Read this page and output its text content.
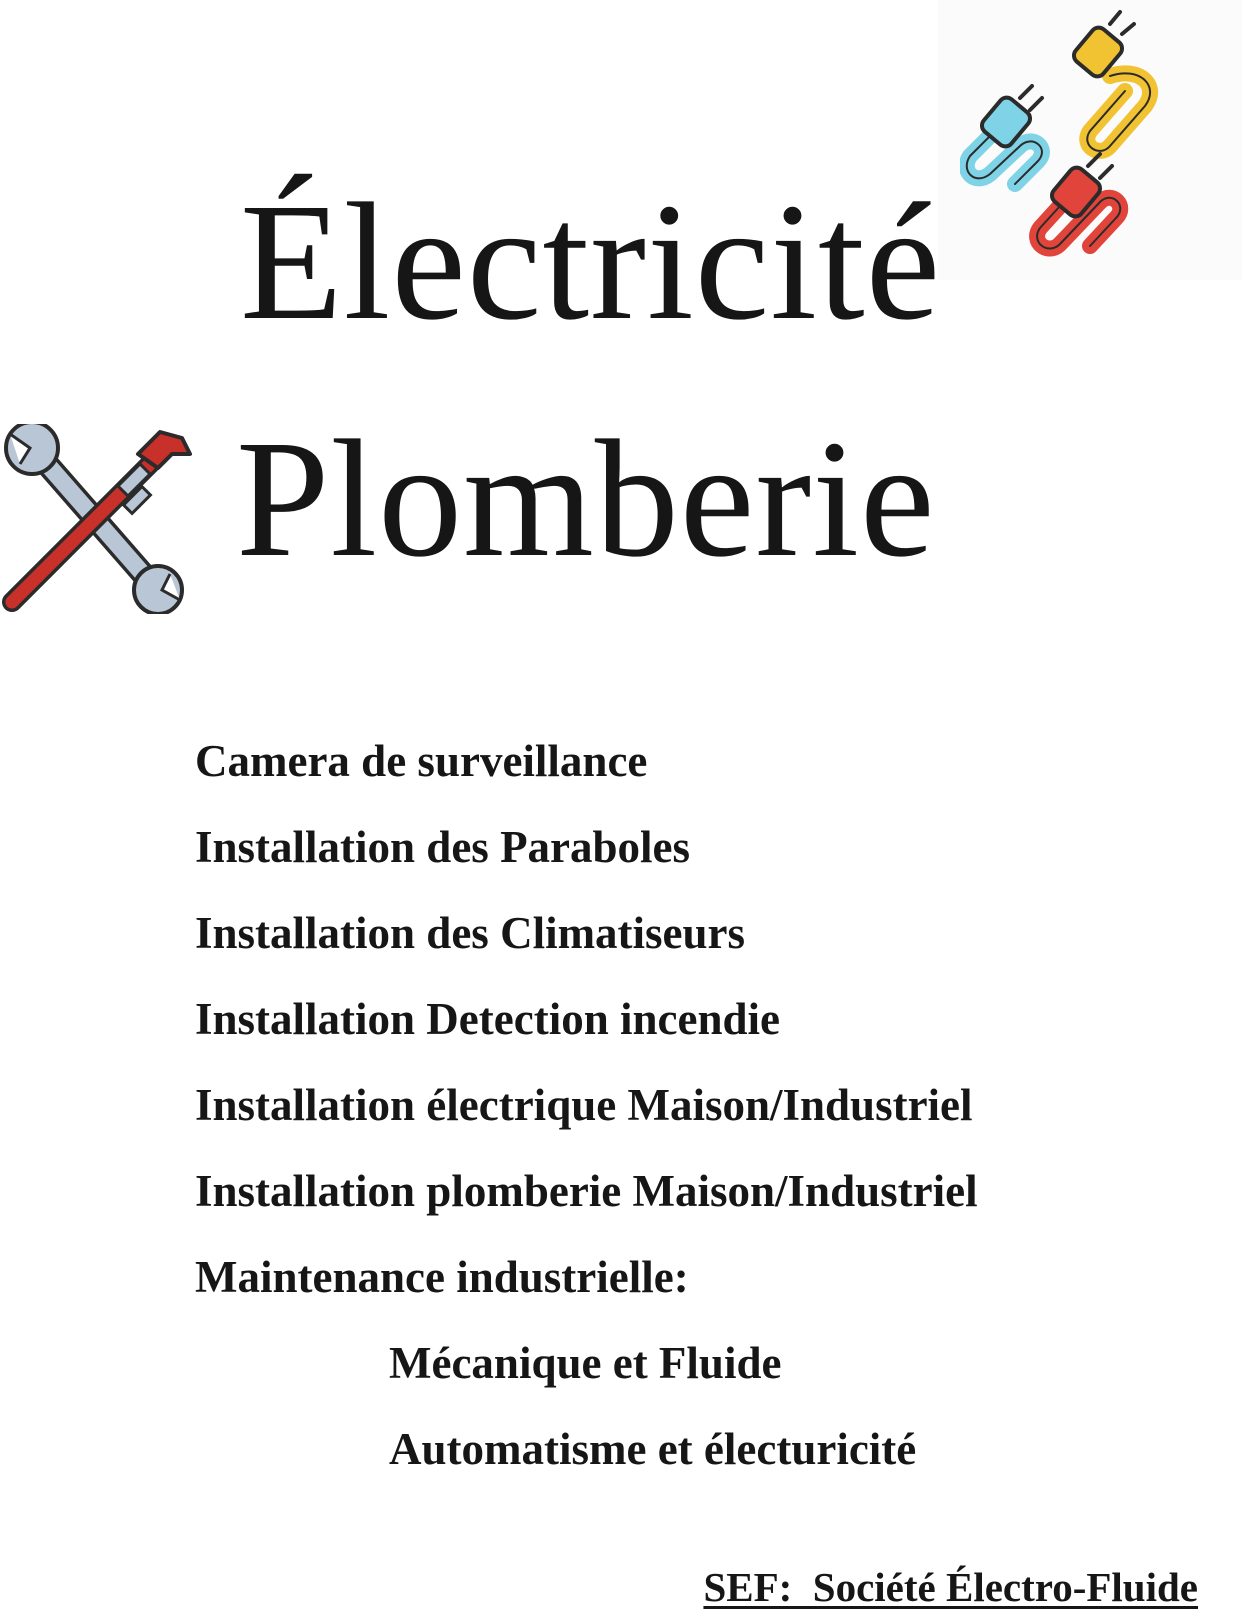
Électricité
Plomberie
Camera de surveillance
Installation des Paraboles
Installation des Climatiseurs
Installation Detection incendie
Installation électrique Maison/Industriel
Installation plomberie Maison/Industriel
Maintenance industrielle:
Mécanique et Fluide
Automatisme et électuricité
SEF:  Société Électro-Fluide
